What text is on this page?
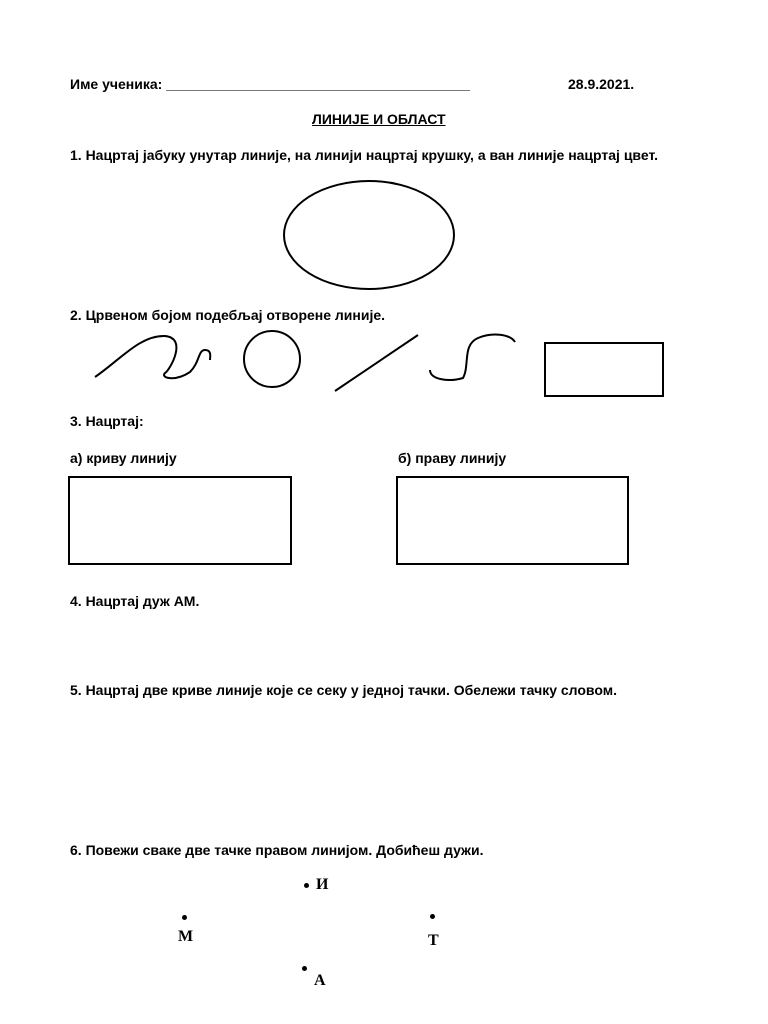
Име ученика: _______________________________________	28.9.2021.
ЛИНИЈЕ И ОБЛАСТ
1. Нацртај јабуку унутар линије, на линији нацртај крушку, а ван линије нацртај цвет.
2. Црвеном бојом подебљај отворене линије.
3. Нацртај:
а) криву линију	б) праву линију
4. Нацртај дуж АМ.
5. Нацртај две криве линије које се секу у једној тачки. Обележи тачку словом.
6. Повежи сваке две тачке правом линијом. Добићеш дужи.
И
М	Т
А
